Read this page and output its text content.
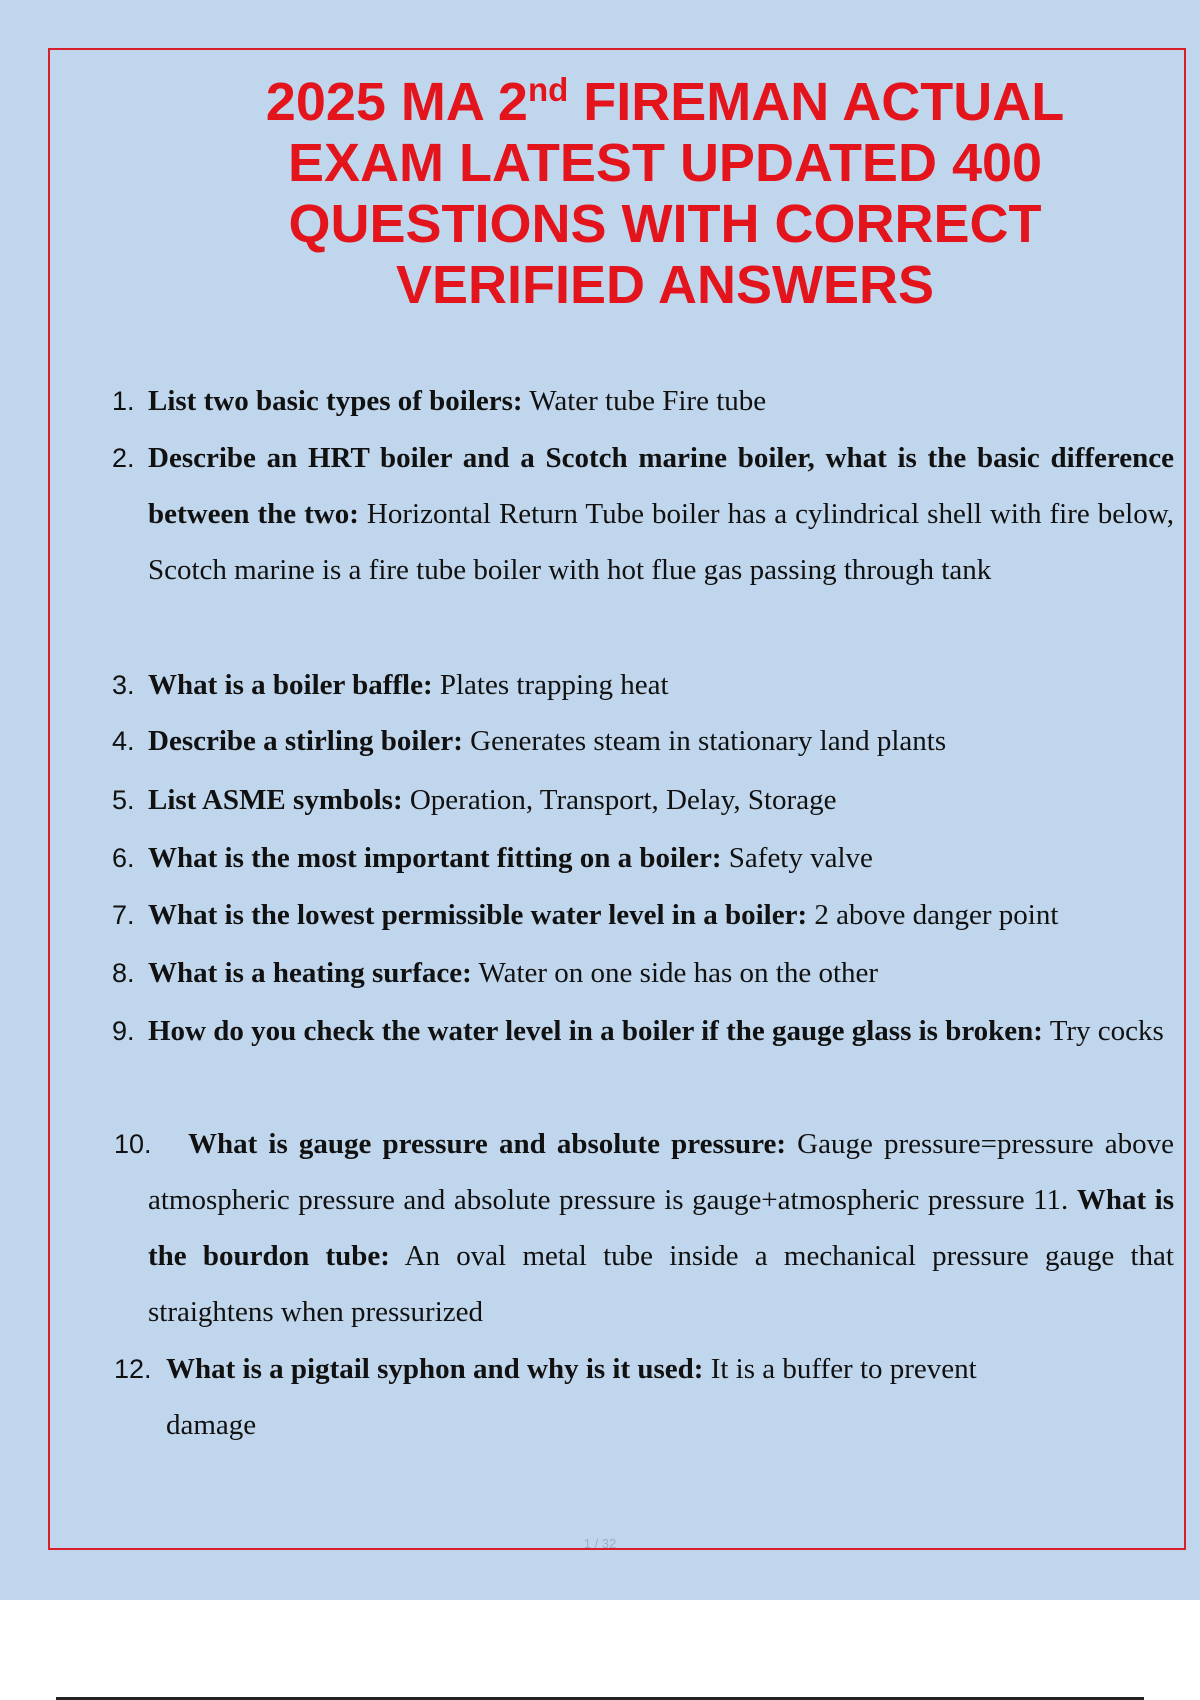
2025 MA 2nd FIREMAN ACTUAL
EXAM LATEST UPDATED 400
QUESTIONS WITH CORRECT
VERIFIED ANSWERS
1. List two basic types of boilers: Water tube Fire tube
2. Describe an HRT boiler and a Scotch marine boiler, what is the basic difference between the two: Horizontal Return Tube boiler has a cylindrical shell with fire below, Scotch marine is a fire tube boiler with hot flue gas passing through tank
3. What is a boiler baffle: Plates trapping heat
4. Describe a stirling boiler: Generates steam in stationary land plants
5. List ASME symbols: Operation, Transport, Delay, Storage
6. What is the most important fitting on a boiler: Safety valve
7. What is the lowest permissible water level in a boiler: 2 above danger point
8. What is a heating surface: Water on one side has on the other
9. How do you check the water level in a boiler if the gauge glass is broken: Try cocks
10. What is gauge pressure and absolute pressure: Gauge pressure=pressure above atmospheric pressure and absolute pressure is gauge+atmospheric pressure 11. What is the bourdon tube: An oval metal tube inside a mechanical pressure gauge that straightens when pressurized
12. What is a pigtail syphon and why is it used: It is a buffer to prevent
damage
1 / 32
